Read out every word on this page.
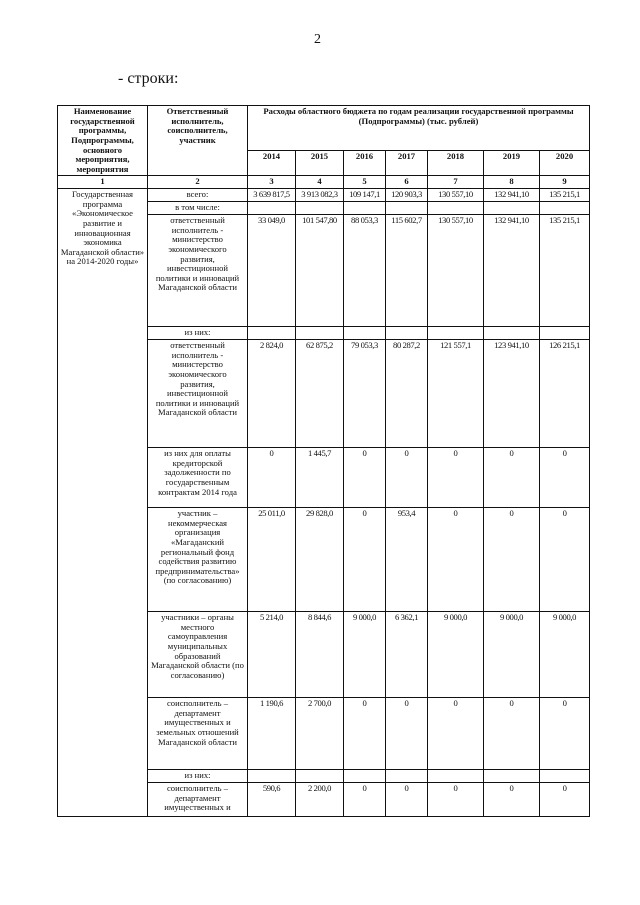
2
- строки:
Наименование государственной программы, Подпрограммы, основного мероприятия, мероприятия	Ответственный исполнитель, соисполнитель, участник	Расходы областного бюджета по годам реализации государственной программы (Подпрограммы) (тыс. рублей)						
		2014	2015	2016	2017	2018	2019	2020
1	2	3	4	5	6	7	8	9
Государственная программа «Экономическое развитие и инновационная экономика Магаданской области» на 2014-2020 годы»	всего:	3 639 817,5	3 913 082,3	109 147,1	120 903,3	130 557,10	132 941,10	135 215,1
	в том числе:							
	ответственный исполнитель - министерство экономического развития, инвестиционной политики и инноваций Магаданской области	33 049,0	101 547,80	88 053,3	115 602,7	130 557,10	132 941,10	135 215,1
	из них:							
	ответственный исполнитель - министерство экономического развития, инвестиционной политики и инноваций Магаданской области	2 824,0	62 875,2	79 053,3	80 287,2	121 557,1	123 941,10	126 215,1
	из них для оплаты кредиторской задолженности по государственным контрактам 2014 года	0	1 445,7	0	0	0	0	0
	участник – некоммерческая организация «Магаданский региональный фонд содействия развитию предпринимательства» (по согласованию)	25 011,0	29 828,0	0	953,4	0	0	0
	участники – органы местного самоуправления муниципальных образований Магаданской области (по согласованию)	5 214,0	8 844,6	9 000,0	6 362,1	9 000,0	9 000,0	9 000,0
	соисполнитель – департамент имущественных и земельных отношений Магаданской области	1 190,6	2 700,0	0	0	0	0	0
	из них:							
	соисполнитель – департамент имущественных и	590,6	2 200,0	0	0	0	0	0
